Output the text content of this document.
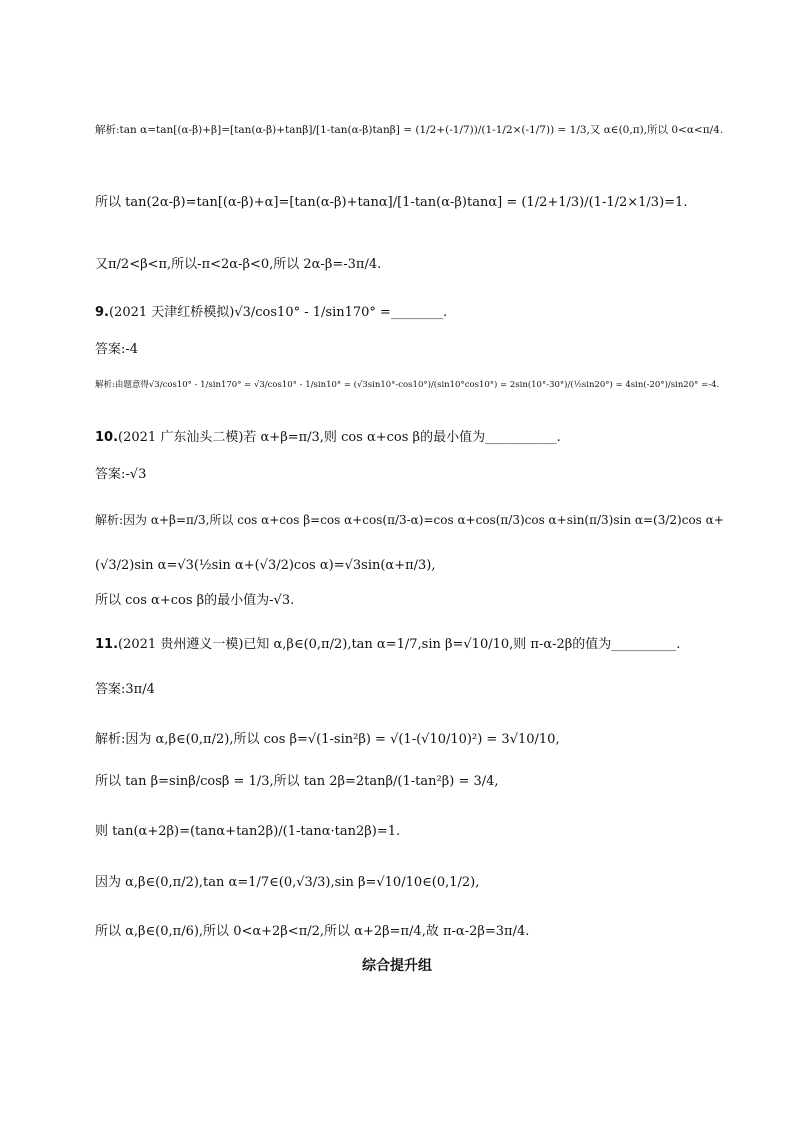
解析:tan α=tan[(α-β)+β]=[tan(α-β)+tanβ]/[1-tan(α-β)tanβ] = (1/2+(-1/7))/(1-1/2×(-1/7)) = 1/3,又 α∈(0,π),所以 0<α<π/4.
所以 tan(2α-β)=tan[(α-β)+α]=[tan(α-β)+tanα]/[1-tan(α-β)tanα] = (1/2+1/3)/(1-1/2×1/3)=1.
又π/2<β<π,所以-π<2α-β<0,所以 2α-β=-3π/4.
9.(2021 天津红桥模拟)√3/cos10° - 1/sin170° =________.
答案:-4
解析:由题意得√3/cos10° - 1/sin170° = √3/cos10° - 1/sin10° = (√3sin10°-cos10°)/(sin10°cos10°) = 2sin(10°-30°)/(½sin20°) = 4sin(-20°)/sin20° =-4.
10.(2021 广东汕头二模)若 α+β=π/3,则 cos α+cos β的最小值为___________.
答案:-√3
解析:因为 α+β=π/3,所以 cos α+cos β=cos α+cos(π/3-α)=cos α+cos(π/3)cos α+sin(π/3)sin α=(3/2)cos α+
(√3/2)sin α=√3(½sin α+(√3/2)cos α)=√3sin(α+π/3),
所以 cos α+cos β的最小值为-√3.
11.(2021 贵州遵义一模)已知 α,β∈(0,π/2),tan α=1/7,sin β=√10/10,则 π-α-2β的值为__________.
答案:3π/4
解析:因为 α,β∈(0,π/2),所以 cos β=√(1-sin²β) = √(1-(√10/10)²) = 3√10/10,
所以 tan β=sinβ/cosβ = 1/3,所以 tan 2β=2tanβ/(1-tan²β) = 3/4,
则 tan(α+2β)=(tanα+tan2β)/(1-tanα·tan2β)=1.
因为 α,β∈(0,π/2),tan α=1/7∈(0,√3/3),sin β=√10/10∈(0,1/2),
所以 α,β∈(0,π/6),所以 0<α+2β<π/2,所以 α+2β=π/4,故 π-α-2β=3π/4.
综合提升组
